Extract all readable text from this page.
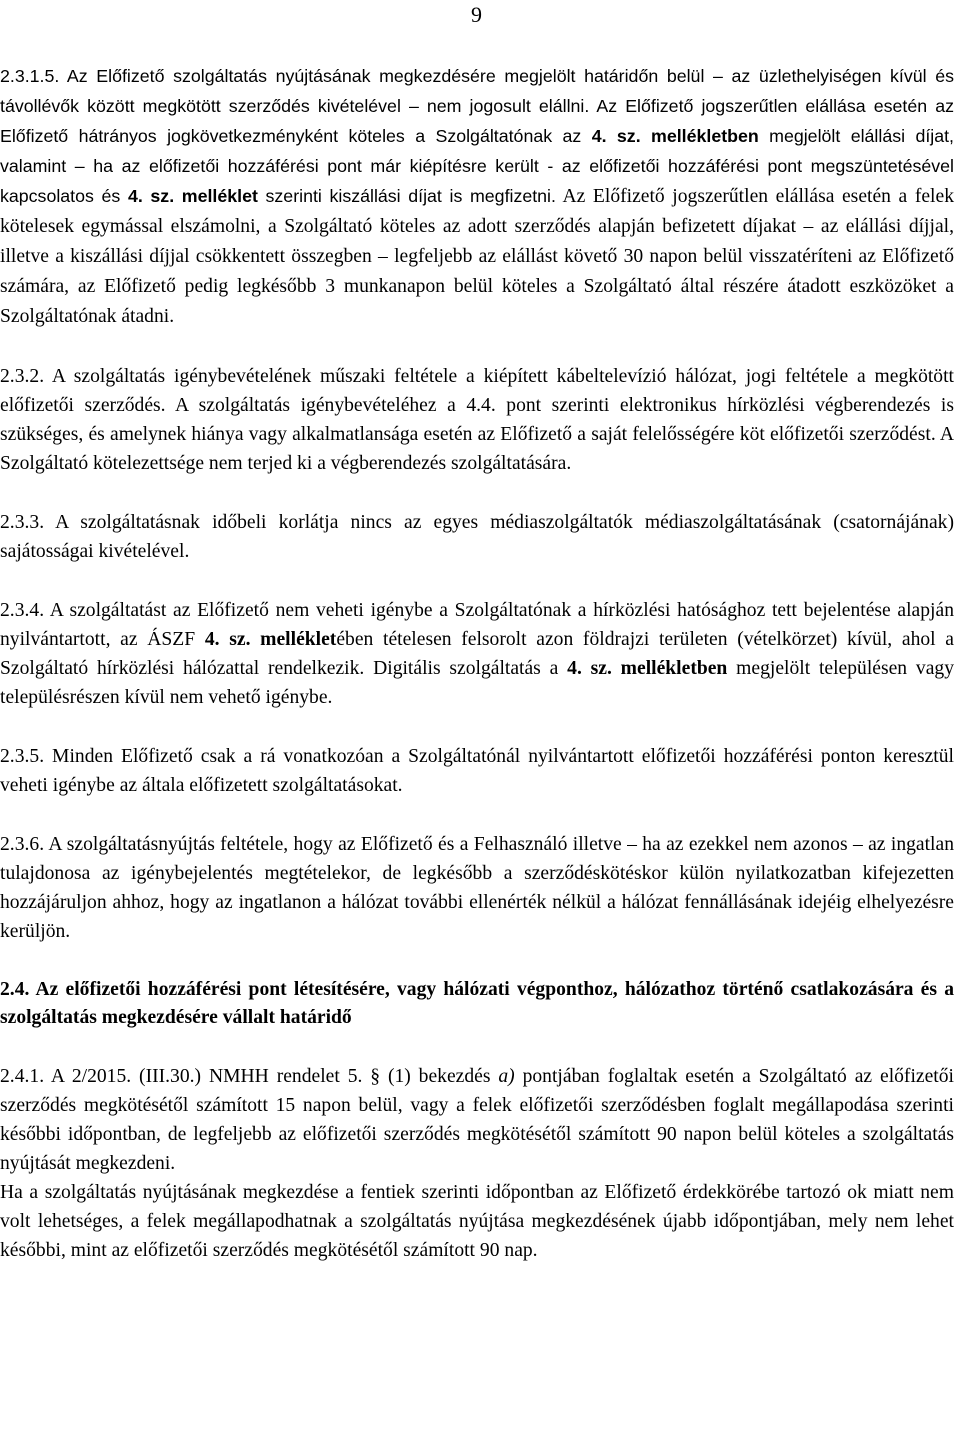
9

2.3.1.5. Az Előfizető szolgáltatás nyújtásának megkezdésére megjelölt határidőn belül – az üzlethelyiségen kívül és távollévők között megkötött szerződés kivételével – nem jogosult elállni. Az Előfizető jogszerűtlen elállása esetén az Előfizető hátrányos jogkövetkezményként köteles a Szolgáltatónak az 4. sz. mellékletben megjelölt elállási díjat, valamint – ha az előfizetői hozzáférési pont már kiépítésre került - az előfizetői hozzáférési pont megszüntetésével kapcsolatos és 4. sz. melléklet szerinti kiszállási díjat is megfizetni. Az Előfizető jogszerűtlen elállása esetén a felek kötelesek egymással elszámolni, a Szolgáltató köteles az adott szerződés alapján befizetett díjakat – az elállási díjjal, illetve a kiszállási díjjal csökkentett összegben – legfeljebb az elállást követő 30 napon belül visszatéríteni az Előfizető számára, az Előfizető pedig legkésőbb 3 munkanapon belül köteles a Szolgáltató által részére átadott eszközöket a Szolgáltatónak átadni.

2.3.2. A szolgáltatás igénybevételének műszaki feltétele a kiépített kábeltelevízió hálózat, jogi feltétele a megkötött előfizetői szerződés. A szolgáltatás igénybevételéhez a 4.4. pont szerinti elektronikus hírközlési végberendezés is szükséges, és amelynek hiánya vagy alkalmatlansága esetén az Előfizető a saját felelősségére köt előfizetői szerződést. A Szolgáltató kötelezettsége nem terjed ki a végberendezés szolgáltatására.

2.3.3. A szolgáltatásnak időbeli korlátja nincs az egyes médiaszolgáltatók médiaszolgáltatásának (csatornájának) sajátosságai kivételével.

2.3.4. A szolgáltatást az Előfizető nem veheti igénybe a Szolgáltatónak a hírközlési hatósághoz tett bejelentése alapján nyilvántartott, az ÁSZF 4. sz. mellékletében tételesen felsorolt azon földrajzi területen (vételkörzet) kívül, ahol a Szolgáltató hírközlési hálózattal rendelkezik. Digitális szolgáltatás a 4. sz. mellékletben megjelölt településen vagy településrészen kívül nem vehető igénybe.

2.3.5. Minden Előfizető csak a rá vonatkozóan a Szolgáltatónál nyilvántartott előfizetői hozzáférési ponton keresztül veheti igénybe az általa előfizetett szolgáltatásokat.

2.3.6. A szolgáltatásnyújtás feltétele, hogy az Előfizető és a Felhasználó illetve – ha az ezekkel nem azonos – az ingatlan tulajdonosa az igénybejelentés megtételekor, de legkésőbb a szerződéskötéskor külön nyilatkozatban kifejezetten hozzájáruljon ahhoz, hogy az ingatlanon a hálózat további ellenérték nélkül a hálózat fennállásának idejéig elhelyezésre kerüljön.

2.4. Az előfizetői hozzáférési pont létesítésére, vagy hálózati végponthoz, hálózathoz történő csatlakozására és a szolgáltatás megkezdésére vállalt határidő

2.4.1. A 2/2015. (III.30.) NMHH rendelet 5. § (1) bekezdés a) pontjában foglaltak esetén a Szolgáltató az előfizetői szerződés megkötésétől számított 15 napon belül, vagy a felek előfizetői szerződésben foglalt megállapodása szerinti későbbi időpontban, de legfeljebb az előfizetői szerződés megkötésétől számított 90 napon belül köteles a szolgáltatás nyújtását megkezdeni.

Ha a szolgáltatás nyújtásának megkezdése a fentiek szerinti időpontban az Előfizető érdekkörébe tartozó ok miatt nem volt lehetséges, a felek megállapodhatnak a szolgáltatás nyújtása megkezdésének újabb időpontjában, mely nem lehet későbbi, mint az előfizetői szerződés megkötésétől számított 90 nap.
